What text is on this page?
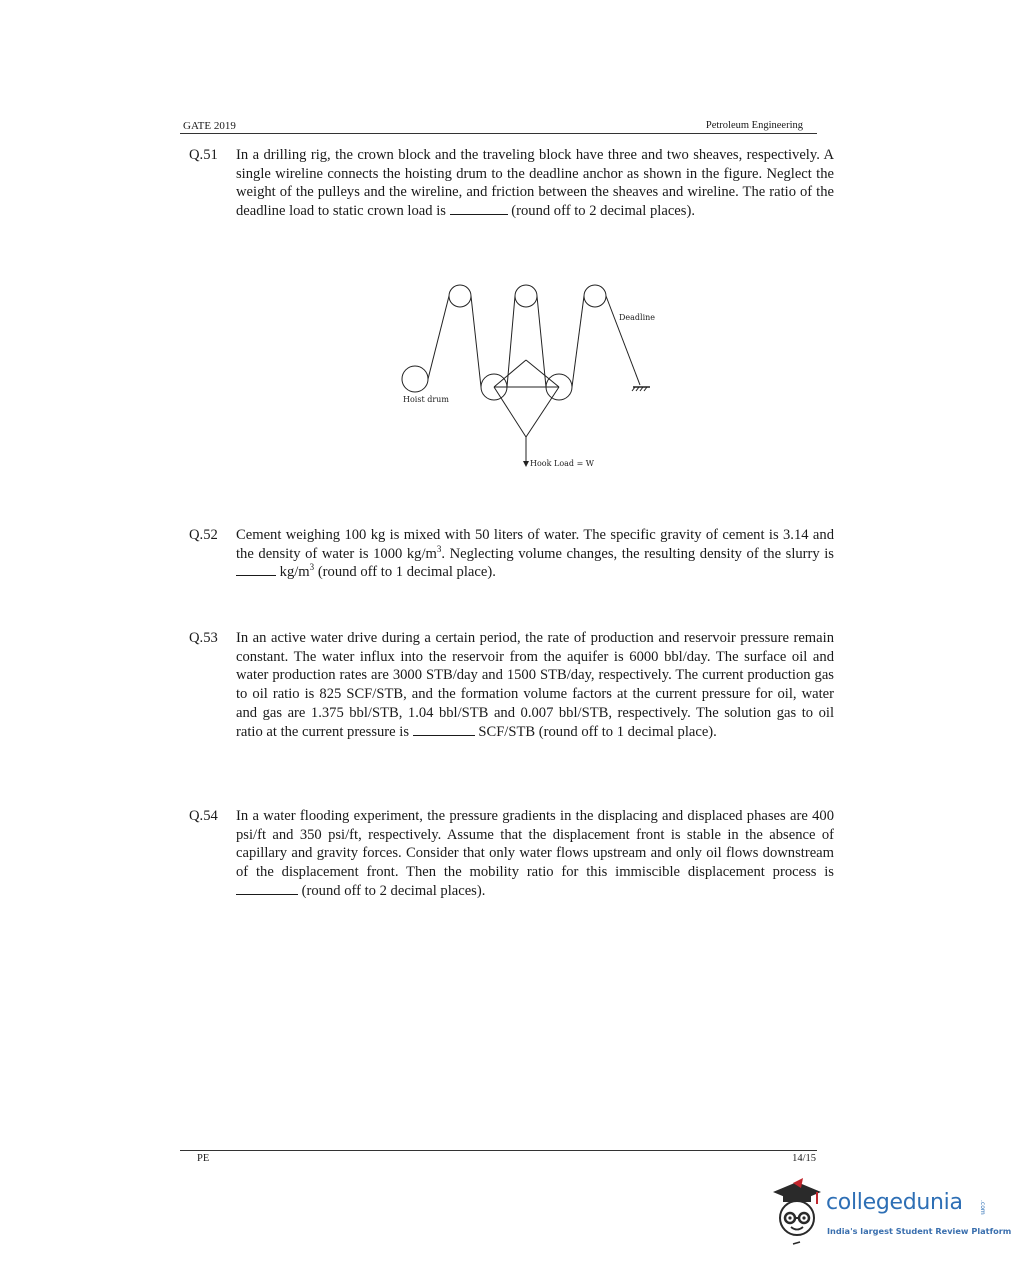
GATE 2019	Petroleum Engineering
Q.51 In a drilling rig, the crown block and the traveling block have three and two sheaves, respectively. A single wireline connects the hoisting drum to the deadline anchor as shown in the figure. Neglect the weight of the pulleys and the wireline, and friction between the sheaves and wireline. The ratio of the deadline load to static crown load is	(round off to 2 decimal places).
Deadline
Hoist drum
Hook Load = W
Q.52 Cement weighing 100 kg is mixed with 50 liters of water. The specific gravity of cement is 3.14 and the density of water is 1000 $kg/m^3$. Neglecting volume changes, the resulting density of the slurry is  $kg/m^3$ (round off to 1 decimal place).
Q.53 In an active water drive during a certain period, the rate of production and reservoir pressure remain constant. The water influx into the reservoir from the aquifer is 6000 bbl/day. The surface oil and water production rates are 3000 STB/day and 1500 STB/day, respectively. The current production gas to oil ratio is 825 SCF/STB, and the formation volume factors at the current pressure for oil, water and gas are 1.375 bbl/STB, 1.04 bbl/STB and 0.007 bbl/STB, respectively. The solution gas to oil ratio at the current pressure is	SCF/STB (round off to 1 decimal place).
Q.54 In a water flooding experiment, the pressure gradients in the displacing and displaced phases are 400 psi/ft and 350 psi/ft, respectively. Assume that the displacement front is stable in the absence of capillary and gravity forces. Consider that only water flows upstream and only oil flows downstream of the displacement front. Then the mobility ratio for this immiscible displacement process is (round off to 2 decimal places).
PE	14/15
collegedunia	.com
India's largest Student Review Platform
